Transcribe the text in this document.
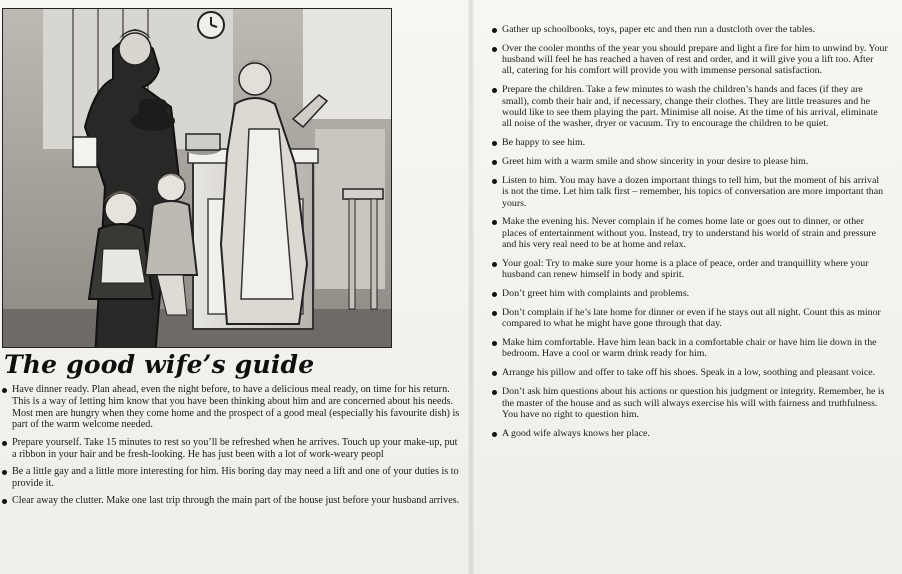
The good wife’s guide
Have dinner ready. Plan ahead, even the night before, to have a delicious meal ready, on time for his return. This is a way of letting him know that you have been thinking about him and are concerned about his needs. Most men are hungry when they come home and the prospect of a good meal (especially his favourite dish) is part of the warm welcome needed.
Prepare yourself. Take 15 minutes to rest so you’ll be refreshed when he arrives. Touch up your make-up, put a ribbon in your hair and be fresh-looking. He has just been with a lot of work-weary peopl
Be a little gay and a little more interesting for him. His boring day may need a lift and one of your duties is to provide it.
Clear away the clutter. Make one last trip through the main part of the house just before your husband arrives.
Gather up schoolbooks, toys, paper etc and then run a dustcloth over the tables.
Over the cooler months of the year you should prepare and light a fire for him to unwind by. Your husband will feel he has reached a haven of rest and order, and it will give you a lift too. After all, catering for his comfort will provide you with immense personal satisfaction.
Prepare the children. Take a few minutes to wash the children’s hands and faces (if they are small), comb their hair and, if necessary, change their clothes. They are little treasures and he would like to see them playing the part. Minimise all noise. At the time of his arrival, eliminate all noise of the washer, dryer or vacuum. Try to encourage the children to be quiet.
Be happy to see him.
Greet him with a warm smile and show sincerity in your desire to please him.
Listen to him. You may have a dozen important things to tell him, but the moment of his arrival is not the time. Let him talk first – remember, his topics of conversation are more important than yours.
Make the evening his. Never complain if he comes home late or goes out to dinner, or other places of entertainment without you. Instead, try to understand his world of strain and pressure and his very real need to be at home and relax.
Your goal: Try to make sure your home is a place of peace, order and tranquillity where your husband can renew himself in body and spirit.
Don’t greet him with complaints and problems.
Don’t complain if he’s late home for dinner or even if he stays out all night. Count this as minor compared to what he might have gone through that day.
Make him comfortable. Have him lean back in a comfortable chair or have him lie down in the bedroom. Have a cool or warm drink ready for him.
Arrange his pillow and offer to take off his shoes. Speak in a low, soothing and pleasant voice.
Don’t ask him questions about his actions or question his judgment or integrity. Remember, he is the master of the house and as such will always exercise his will with fairness and truthfulness. You have no right to question him.
A good wife always knows her place.
